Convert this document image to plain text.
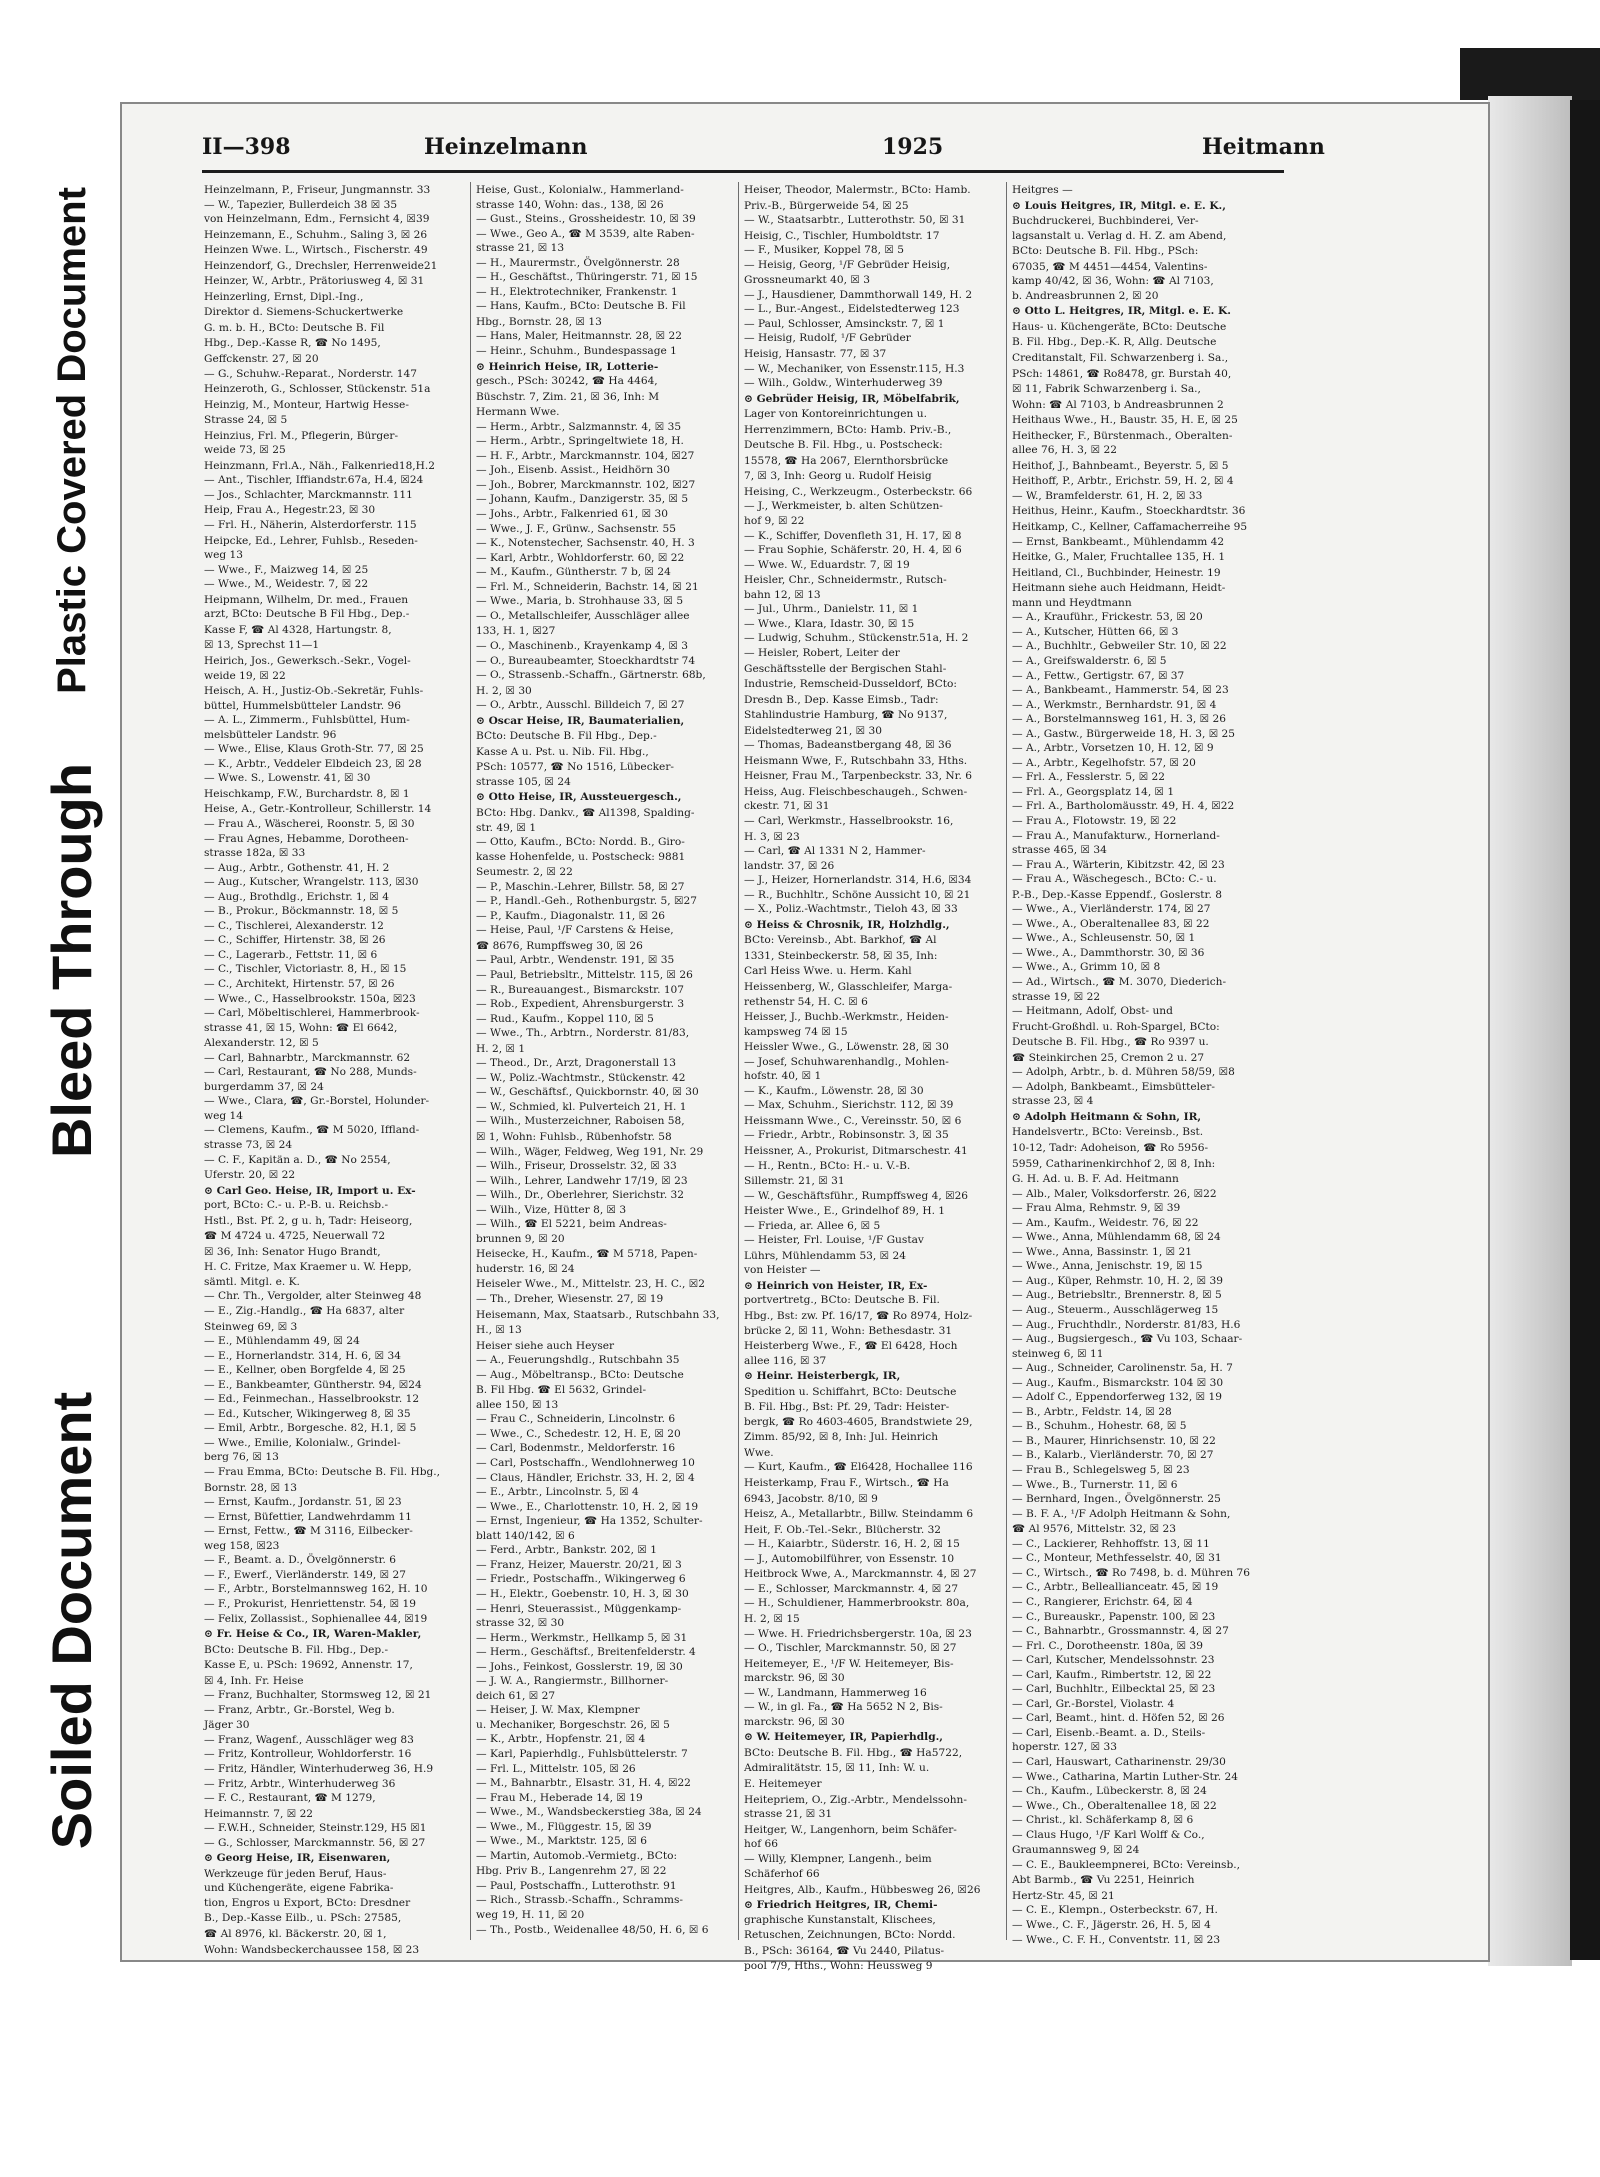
Plastic Covered Document
Bleed Through
Soiled Document
II—398	Heinzelmann	1925	Heitmann
Heinzelmann, P., Friseur, Jungmannstr. 33
— W., Tapezier, Bullerdeich 38 ☒ 35
von Heinzelmann, Edm., Fernsicht 4, ☒39
Heinzemann, E., Schuhm., Saling 3, ☒ 26
Heinzen Wwe. L., Wirtsch., Fischerstr. 49
Heinzendorf, G., Drechsler, Herrenweide21
Heinzer, W., Arbtr., Prätoriusweg 4, ☒ 31
Heinzerling, Ernst, Dipl.-Ing.,
Direktor d. Siemens-Schuckertwerke
G. m. b. H., BCto: Deutsche B. Fil
Hbg., Dep.-Kasse R, ☎ No 1495,
Geffckenstr. 27, ☒ 20
— G., Schuhw.-Reparat., Norderstr. 147
Heinzeroth, G., Schlosser, Stückenstr. 51a
Heinzig, M., Monteur, Hartwig Hesse-
Strasse 24, ☒ 5
Heinzius, Frl. M., Pflegerin, Bürger-
weide 73, ☒ 25
Heinzmann, Frl.A., Näh., Falkenried18,H.2
— Ant., Tischler, Iffiandstr.67a, H.4, ☒24
— Jos., Schlachter, Marckmannstr. 111
Heip, Frau A., Hegestr.23, ☒ 30
— Frl. H., Näherin, Alsterdorferstr. 115
Heipcke, Ed., Lehrer, Fuhlsb., Reseden-
weg 13
— Wwe., F., Maizweg 14, ☒ 25
— Wwe., M., Weidestr. 7, ☒ 22
Heipmann, Wilhelm, Dr. med., Frauen
arzt, BCto: Deutsche B Fil Hbg., Dep.-
Kasse F, ☎ Al 4328, Hartungstr. 8,
☒ 13, Sprechst 11—1
Heirich, Jos., Gewerksch.-Sekr., Vogel-
weide 19, ☒ 22
Heisch, A. H., Justiz-Ob.-Sekretär, Fuhls-
büttel, Hummelsbütteler Landstr. 96
— A. L., Zimmerm., Fuhlsbüttel, Hum-
melsbütteler Landstr. 96
— Wwe., Elise, Klaus Groth-Str. 77, ☒ 25
— K., Arbtr., Veddeler Elbdeich 23, ☒ 28
— Wwe. S., Lowenstr. 41, ☒ 30
Heischkamp, F.W., Burchardstr. 8, ☒ 1
Heise, A., Getr.-Kontrolleur, Schillerstr. 14
— Frau A., Wäscherei, Roonstr. 5, ☒ 30
— Frau Agnes, Hebamme, Dorotheen-
strasse 182a, ☒ 33
— Aug., Arbtr., Gothenstr. 41, H. 2
— Aug., Kutscher, Wrangelstr. 113, ☒30
— Aug., Brothdlg., Erichstr. 1, ☒ 4
— B., Prokur., Böckmannstr. 18, ☒ 5
— C., Tischlerei, Alexanderstr. 12
— C., Schiffer, Hirtenstr. 38, ☒ 26
— C., Lagerarb., Fettstr. 11, ☒ 6
— C., Tischler, Victoriastr. 8, H., ☒ 15
— C., Architekt, Hirtenstr. 57, ☒ 26
— Wwe., C., Hasselbrookstr. 150a, ☒23
— Carl, Möbeltischlerei, Hammerbrook-
strasse 41, ☒ 15, Wohn: ☎ El 6642,
Alexanderstr. 12, ☒ 5
— Carl, Bahnarbtr., Marckmannstr. 62
— Carl, Restaurant, ☎ No 288, Munds-
burgerdamm 37, ☒ 24
— Wwe., Clara, ☎, Gr.-Borstel, Holunder-
weg 14
— Clemens, Kaufm., ☎ M 5020, Iffland-
strasse 73, ☒ 24
— C. F., Kapitän a. D., ☎ No 2554,
Uferstr. 20, ☒ 22
⊙ Carl Geo. Heise, IR, Import u. Ex-
port, BCto: C.- u. P.-B. u. Reichsb.-
Hstl., Bst. Pf. 2, g u. h, Tadr: Heiseorg,
☎ M 4724 u. 4725, Neuerwall 72
☒ 36, Inh: Senator Hugo Brandt,
H. C. Fritze, Max Kraemer u. W. Hepp,
sämtl. Mitgl. e. K.
— Chr. Th., Vergolder, alter Steinweg 48
— E., Zig.-Handlg., ☎ Ha 6837, alter
Steinweg 69, ☒ 3
— E., Mühlendamm 49, ☒ 24
— E., Hornerlandstr. 314, H. 6, ☒ 34
— E., Kellner, oben Borgfelde 4, ☒ 25
— E., Bankbeamter, Güntherstr. 94, ☒24
— Ed., Feinmechan., Hasselbrookstr. 12
— Ed., Kutscher, Wikingerweg 8, ☒ 35
— Emil, Arbtr., Borgesche. 82, H.1, ☒ 5
— Wwe., Emilie, Kolonialw., Grindel-
berg 76, ☒ 13
— Frau Emma, BCto: Deutsche B. Fil. Hbg.,
Bornstr. 28, ☒ 13
— Ernst, Kaufm., Jordanstr. 51, ☒ 23
— Ernst, Büfettier, Landwehrdamm 11
— Ernst, Fettw., ☎ M 3116, Eilbecker-
weg 158, ☒23
— F., Beamt. a. D., Övelgönnerstr. 6
— F., Ewerf., Vierländerstr. 149, ☒ 27
— F., Arbtr., Borstelmannsweg 162, H. 10
— F., Prokurist, Henriettenstr. 54, ☒ 19
— Felix, Zollassist., Sophienallee 44, ☒19
⊙ Fr. Heise & Co., IR, Waren-Makler,
BCto: Deutsche B. Fil. Hbg., Dep.-
Kasse E, u. PSch: 19692, Annenstr. 17,
☒ 4, Inh. Fr. Heise
— Franz, Buchhalter, Stormsweg 12, ☒ 21
— Franz, Arbtr., Gr.-Borstel, Weg b.
Jäger 30
— Franz, Wagenf., Ausschläger weg 83
— Fritz, Kontrolleur, Wohldorferstr. 16
— Fritz, Händler, Winterhuderweg 36, H.9
— Fritz, Arbtr., Winterhuderweg 36
— F. C., Restaurant, ☎ M 1279,
Heimannstr. 7, ☒ 22
— F.W.H., Schneider, Steinstr.129, H5 ☒1
— G., Schlosser, Marckmannstr. 56, ☒ 27
⊙ Georg Heise, IR, Eisenwaren,
Werkzeuge für jeden Beruf, Haus-
und Küchengeräte, eigene Fabrika-
tion, Engros u Export, BCto: Dresdner
B., Dep.-Kasse Eilb., u. PSch: 27585,
☎ Al 8976, kl. Bäckerstr. 20, ☒ 1,
Wohn: Wandsbeckerchaussee 158, ☒ 23
Heise, Gust., Kolonialw., Hammerland-
strasse 140, Wohn: das., 138, ☒ 26
— Gust., Steins., Grossheidestr. 10, ☒ 39
— Wwe., Geo A., ☎ M 3539, alte Raben-
strasse 21, ☒ 13
— H., Maurermstr., Övelgönnerstr. 28
— H., Geschäftst., Thüringerstr. 71, ☒ 15
— H., Elektrotechniker, Frankenstr. 1
— Hans, Kaufm., BCto: Deutsche B. Fil
Hbg., Bornstr. 28, ☒ 13
— Hans, Maler, Heitmannstr. 28, ☒ 22
— Heinr., Schuhm., Bundespassage 1
⊙ Heinrich Heise, IR, Lotterie-
gesch., PSch: 30242, ☎ Ha 4464,
Büschstr. 7, Zim. 21, ☒ 36, Inh: M
Hermann Wwe.
— Herm., Arbtr., Salzmannstr. 4, ☒ 35
— Herm., Arbtr., Springeltwiete 18, H.
— H. F., Arbtr., Marckmannstr. 104, ☒27
— Joh., Eisenb. Assist., Heidhörn 30
— Joh., Bobrer, Marckmannstr. 102, ☒27
— Johann, Kaufm., Danzigerstr. 35, ☒ 5
— Johs., Arbtr., Falkenried 61, ☒ 30
— Wwe., J. F., Grünw., Sachsenstr. 55
— K., Notenstecher, Sachsenstr. 40, H. 3
— Karl, Arbtr., Wohldorferstr. 60, ☒ 22
— M., Kaufm., Güntherstr. 7 b, ☒ 24
— Frl. M., Schneiderin, Bachstr. 14, ☒ 21
— Wwe., Maria, b. Strohhause 33, ☒ 5
— O., Metallschleifer, Ausschläger allee
133, H. 1, ☒27
— O., Maschinenb., Krayenkamp 4, ☒ 3
— O., Bureaubeamter, Stoeckhardtstr 74
— O., Strassenb.-Schaffn., Gärtnerstr. 68b,
H. 2, ☒ 30
— O., Arbtr., Ausschl. Billdeich 7, ☒ 27
⊙ Oscar Heise, IR, Baumaterialien,
BCto: Deutsche B. Fil Hbg., Dep.-
Kasse A u. Pst. u. Nib. Fil. Hbg.,
PSch: 10577, ☎ No 1516, Lübecker-
strasse 105, ☒ 24
⊙ Otto Heise, IR, Aussteuergesch.,
BCto: Hbg. Dankv., ☎ Al1398, Spalding-
str. 49, ☒ 1
— Otto, Kaufm., BCto: Nordd. B., Giro-
kasse Hohenfelde, u. Postscheck: 9881
Seumestr. 2, ☒ 22
— P., Maschin.-Lehrer, Billstr. 58, ☒ 27
— P., Handl.-Geh., Rothenburgstr. 5, ☒27
— P., Kaufm., Diagonalstr. 11, ☒ 26
— Heise, Paul, ¹/F Carstens & Heise,
☎ 8676, Rumpffsweg 30, ☒ 26
— Paul, Arbtr., Wendenstr. 191, ☒ 35
— Paul, Betriebsltr., Mittelstr. 115, ☒ 26
— R., Bureauangest., Bismarckstr. 107
— Rob., Expedient, Ahrensburgerstr. 3
— Rud., Kaufm., Koppel 110, ☒ 5
— Wwe., Th., Arbtrn., Norderstr. 81/83,
H. 2, ☒ 1
— Theod., Dr., Arzt, Dragonerstall 13
— W., Poliz.-Wachtmstr., Stückenstr. 42
— W., Geschäftsf., Quickbornstr. 40, ☒ 30
— W., Schmied, kl. Pulverteich 21, H. 1
— Wilh., Musterzeichner, Raboisen 58,
☒ 1, Wohn: Fuhlsb., Rübenhofstr. 58
— Wilh., Wäger, Feldweg, Weg 191, Nr. 29
— Wilh., Friseur, Drosselstr. 32, ☒ 33
— Wilh., Lehrer, Landwehr 17/19, ☒ 23
— Wilh., Dr., Oberlehrer, Sierichstr. 32
— Wilh., Vize, Hütter 8, ☒ 3
— Wilh., ☎ El 5221, beim Andreas-
brunnen 9, ☒ 20
Heisecke, H., Kaufm., ☎ M 5718, Papen-
huderstr. 16, ☒ 24
Heiseler Wwe., M., Mittelstr. 23, H. C., ☒2
— Th., Dreher, Wiesenstr. 27, ☒ 19
Heisemann, Max, Staatsarb., Rutschbahn 33,
H., ☒ 13
Heiser siehe auch Heyser
— A., Feuerungshdlg., Rutschbahn 35
— Aug., Möbeltransp., BCto: Deutsche
B. Fil Hbg. ☎ El 5632, Grindel-
allee 150, ☒ 13
— Frau C., Schneiderin, Lincolnstr. 6
— Wwe., C., Schedestr. 12, H. E, ☒ 20
— Carl, Bodenmstr., Meldorferstr. 16
— Carl, Postschaffn., Wendlohnerweg 10
— Claus, Händler, Erichstr. 33, H. 2, ☒ 4
— E., Arbtr., Lincolnstr. 5, ☒ 4
— Wwe., E., Charlottenstr. 10, H. 2, ☒ 19
— Ernst, Ingenieur, ☎ Ha 1352, Schulter-
blatt 140/142, ☒ 6
— Ferd., Arbtr., Bankstr. 202, ☒ 1
— Franz, Heizer, Mauerstr. 20/21, ☒ 3
— Friedr., Postschaffn., Wikingerweg 6
— H., Elektr., Goebenstr. 10, H. 3, ☒ 30
— Henri, Steuerassist., Müggenkamp-
strasse 32, ☒ 30
— Herm., Werkmstr., Hellkamp 5, ☒ 31
— Herm., Geschäftsf., Breitenfelderstr. 4
— Johs., Feinkost, Gosslerstr. 19, ☒ 30
— J. W. A., Rangiermstr., Billhorner-
deich 61, ☒ 27
— Heiser, J. W. Max, Klempner
u. Mechaniker, Borgeschstr. 26, ☒ 5
— K., Arbtr., Hopfenstr. 21, ☒ 4
— Karl, Papierhdlg., Fuhlsbüttelerstr. 7
— Frl. L., Mittelstr. 105, ☒ 26
— M., Bahnarbtr., Elsastr. 31, H. 4, ☒22
— Frau M., Heberade 14, ☒ 19
— Wwe., M., Wandsbeckerstieg 38a, ☒ 24
— Wwe., M., Flüggestr. 15, ☒ 39
— Wwe., M., Marktstr. 125, ☒ 6
— Martin, Automob.-Vermietg., BCto:
Hbg. Priv B., Langenrehm 27, ☒ 22
— Paul, Postschaffn., Lutterothstr. 91
— Rich., Strassb.-Schaffn., Schramms-
weg 19, H. 11, ☒ 20
— Th., Postb., Weidenallee 48/50, H. 6, ☒ 6
Heiser, Theodor, Malermstr., BCto: Hamb.
Priv.-B., Bürgerweide 54, ☒ 25
— W., Staatsarbtr., Lutterothstr. 50, ☒ 31
Heisig, C., Tischler, Humboldtstr. 17
— F., Musiker, Koppel 78, ☒ 5
— Heisig, Georg, ¹/F Gebrüder Heisig,
Grossneumarkt 40, ☒ 3
— J., Hausdiener, Dammthorwall 149, H. 2
— L., Bur.-Angest., Eidelstedterweg 123
— Paul, Schlosser, Amsinckstr. 7, ☒ 1
— Heisig, Rudolf, ¹/F Gebrüder
Heisig, Hansastr. 77, ☒ 37
— W., Mechaniker, von Essenstr.115, H.3
— Wilh., Goldw., Winterhuderweg 39
⊙ Gebrüder Heisig, IR, Möbelfabrik,
Lager von Kontoreinrichtungen u.
Herrenzimmern, BCto: Hamb. Priv.-B.,
Deutsche B. Fil. Hbg., u. Postscheck:
15578, ☎ Ha 2067, Elernthorsbrücke
7, ☒ 3, Inh: Georg u. Rudolf Heisig
Heising, C., Werkzeugm., Osterbeckstr. 66
— J., Werkmeister, b. alten Schützen-
hof 9, ☒ 22
— K., Schiffer, Dovenfleth 31, H. 17, ☒ 8
— Frau Sophie, Schäferstr. 20, H. 4, ☒ 6
— Wwe. W., Eduardstr. 7, ☒ 19
Heisler, Chr., Schneidermstr., Rutsch-
bahn 12, ☒ 13
— Jul., Uhrm., Danielstr. 11, ☒ 1
— Wwe., Klara, Idastr. 30, ☒ 15
— Ludwig, Schuhm., Stückenstr.51a, H. 2
— Heisler, Robert, Leiter der
Geschäftsstelle der Bergischen Stahl-
Industrie, Remscheid-Dusseldorf, BCto:
Dresdn B., Dep. Kasse Eimsb., Tadr:
Stahlindustrie Hamburg, ☎ No 9137,
Eidelstedterweg 21, ☒ 30
— Thomas, Badeanstbergang 48, ☒ 36
Heismann Wwe, F., Rutschbahn 33, Hths.
Heisner, Frau M., Tarpenbeckstr. 33, Nr. 6
Heiss, Aug. Fleischbeschaugeh., Schwen-
ckestr. 71, ☒ 31
— Carl, Werkmstr., Hasselbrookstr. 16,
H. 3, ☒ 23
— Carl, ☎ Al 1331 N 2, Hammer-
landstr. 37, ☒ 26
— J., Heizer, Hornerlandstr. 314, H.6, ☒34
— R., Buchhltr., Schöne Aussicht 10, ☒ 21
— X., Poliz.-Wachtmstr., Tieloh 43, ☒ 33
⊙ Heiss & Chrosnik, IR, Holzhdlg.,
BCto: Vereinsb., Abt. Barkhof, ☎ Al
1331, Steinbeckerstr. 58, ☒ 35, Inh:
Carl Heiss Wwe. u. Herm. Kahl
Heissenberg, W., Glasschleifer, Marga-
rethenstr 54, H. C. ☒ 6
Heisser, J., Buchb.-Werkmstr., Heiden-
kampsweg 74 ☒ 15
Heissler Wwe., G., Löwenstr. 28, ☒ 30
— Josef, Schuhwarenhandlg., Mohlen-
hofstr. 40, ☒ 1
— K., Kaufm., Löwenstr. 28, ☒ 30
— Max, Schuhm., Sierichstr. 112, ☒ 39
Heissmann Wwe., C., Vereinsstr. 50, ☒ 6
— Friedr., Arbtr., Robinsonstr. 3, ☒ 35
Heissner, A., Prokurist, Ditmarschestr. 41
— H., Rentn., BCto: H.- u. V.-B.
Sillemstr. 21, ☒ 31
— W., Geschäftsführ., Rumpffsweg 4, ☒26
Heister Wwe., E., Grindelhof 89, H. 1
— Frieda, ar. Allee 6, ☒ 5
— Heister, Frl. Louise, ¹/F Gustav
Lührs, Mühlendamm 53, ☒ 24
von Heister —
⊙ Heinrich von Heister, IR, Ex-
portvertretg., BCto: Deutsche B. Fil.
Hbg., Bst: zw. Pf. 16/17, ☎ Ro 8974, Holz-
brücke 2, ☒ 11, Wohn: Bethesdastr. 31
Heisterberg Wwe., F., ☎ El 6428, Hoch
allee 116, ☒ 37
⊙ Heinr. Heisterbergk, IR,
Spedition u. Schiffahrt, BCto: Deutsche
B. Fil. Hbg., Bst: Pf. 29, Tadr: Heister-
bergk, ☎ Ro 4603-4605, Brandstwiete 29,
Zimm. 85/92, ☒ 8, Inh: Jul. Heinrich
Wwe.
— Kurt, Kaufm., ☎ El6428, Hochallee 116
Heisterkamp, Frau F., Wirtsch., ☎ Ha
6943, Jacobstr. 8/10, ☒ 9
Heisz, A., Metallarbtr., Billw. Steindamm 6
Heit, F. Ob.-Tel.-Sekr., Blücherstr. 32
— H., Kaiarbtr., Süderstr. 16, H. 2, ☒ 15
— J., Automobilführer, von Essenstr. 10
Heitbrock Wwe, A., Marckmannstr. 4, ☒ 27
— E., Schlosser, Marckmannstr. 4, ☒ 27
— H., Schuldiener, Hammerbrookstr. 80a,
H. 2, ☒ 15
— Wwe. H. Friedrichsbergerstr. 10a, ☒ 23
— O., Tischler, Marckmannstr. 50, ☒ 27
Heitemeyer, E., ¹/F W. Heitemeyer, Bis-
marckstr. 96, ☒ 30
— W., Landmann, Hammerweg 16
— W., in gl. Fa., ☎ Ha 5652 N 2, Bis-
marckstr. 96, ☒ 30
⊙ W. Heitemeyer, IR, Papierhdlg.,
BCto: Deutsche B. Fil. Hbg., ☎ Ha5722,
Admiralitätstr. 15, ☒ 11, Inh: W. u.
E. Heitemeyer
Heitepriem, O., Zig.-Arbtr., Mendelssohn-
strasse 21, ☒ 31
Heitger, W., Langenhorn, beim Schäfer-
hof 66
— Willy, Klempner, Langenh., beim
Schäferhof 66
Heitgres, Alb., Kaufm., Hübbesweg 26, ☒26
⊙ Friedrich Heitgres, IR, Chemi-
graphische Kunstanstalt, Klischees,
Retuschen, Zeichnungen, BCto: Nordd.
B., PSch: 36164, ☎ Vu 2440, Pilatus-
pool 7/9, Hths., Wohn: Heussweg 9
Heitgres —
⊙ Louis Heitgres, IR, Mitgl. e. E. K.,
Buchdruckerei, Buchbinderei, Ver-
lagsanstalt u. Verlag d. H. Z. am Abend,
BCto: Deutsche B. Fil. Hbg., PSch:
67035, ☎ M 4451—4454, Valentins-
kamp 40/42, ☒ 36, Wohn: ☎ Al 7103,
b. Andreasbrunnen 2, ☒ 20
⊙ Otto L. Heitgres, IR, Mitgl. e. E. K.
Haus- u. Küchengeräte, BCto: Deutsche
B. Fil. Hbg., Dep.-K. R, Allg. Deutsche
Creditanstalt, Fil. Schwarzenberg i. Sa.,
PSch: 14861, ☎ Ro8478, gr. Burstah 40,
☒ 11, Fabrik Schwarzenberg i. Sa.,
Wohn: ☎ Al 7103, b Andreasbrunnen 2
Heithaus Wwe., H., Baustr. 35, H. E, ☒ 25
Heithecker, F., Bürstenmach., Oberalten-
allee 76, H. 3, ☒ 22
Heithof, J., Bahnbeamt., Beyerstr. 5, ☒ 5
Heithoff, P., Arbtr., Erichstr. 59, H. 2, ☒ 4
— W., Bramfelderstr. 61, H. 2, ☒ 33
Heithus, Heinr., Kaufm., Stoeckhardtstr. 36
Heitkamp, C., Kellner, Caffamacherreihe 95
— Ernst, Bankbeamt., Mühlendamm 42
Heitke, G., Maler, Fruchtallee 135, H. 1
Heitland, Cl., Buchbinder, Heinestr. 19
Heitmann siehe auch Heidmann, Heidt-
mann und Heydtmann
— A., Krauführ., Frickestr. 53, ☒ 20
— A., Kutscher, Hütten 66, ☒ 3
— A., Buchhltr., Gebweiler Str. 10, ☒ 22
— A., Greifswalderstr. 6, ☒ 5
— A., Fettw., Gertigstr. 67, ☒ 37
— A., Bankbeamt., Hammerstr. 54, ☒ 23
— A., Werkmstr., Bernhardstr. 91, ☒ 4
— A., Borstelmannsweg 161, H. 3, ☒ 26
— A., Gastw., Bürgerweide 18, H. 3, ☒ 25
— A., Arbtr., Vorsetzen 10, H. 12, ☒ 9
— A., Arbtr., Kegelhofstr. 57, ☒ 20
— Frl. A., Fesslerstr. 5, ☒ 22
— Frl. A., Georgsplatz 14, ☒ 1
— Frl. A., Bartholomäusstr. 49, H. 4, ☒22
— Frau A., Flotowstr. 19, ☒ 22
— Frau A., Manufakturw., Hornerland-
strasse 465, ☒ 34
— Frau A., Wärterin, Kibitzstr. 42, ☒ 23
— Frau A., Wäschegesch., BCto: C.- u.
P.-B., Dep.-Kasse Eppendf., Goslerstr. 8
— Wwe., A., Vierländerstr. 174, ☒ 27
— Wwe., A., Oberaltenallee 83, ☒ 22
— Wwe., A., Schleusenstr. 50, ☒ 1
— Wwe., A., Dammthorstr. 30, ☒ 36
— Wwe., A., Grimm 10, ☒ 8
— Ad., Wirtsch., ☎ M. 3070, Diederich-
strasse 19, ☒ 22
— Heitmann, Adolf, Obst- und
Frucht-Großhdl. u. Roh-Spargel, BCto:
Deutsche B. Fil. Hbg., ☎ Ro 9397 u.
☎ Steinkirchen 25, Cremon 2 u. 27
— Adolph, Arbtr., b. d. Mühren 58/59, ☒8
— Adolph, Bankbeamt., Eimsbütteler-
strasse 23, ☒ 4
⊙ Adolph Heitmann & Sohn, IR,
Handelsvertr., BCto: Vereinsb., Bst.
10-12, Tadr: Adoheison, ☎ Ro 5956-
5959, Catharinenkirchhof 2, ☒ 8, Inh:
G. H. Ad. u. B. F. Ad. Heitmann
— Alb., Maler, Volksdorferstr. 26, ☒22
— Frau Alma, Rehmstr. 9, ☒ 39
— Am., Kaufm., Weidestr. 76, ☒ 22
— Wwe., Anna, Mühlendamm 68, ☒ 24
— Wwe., Anna, Bassinstr. 1, ☒ 21
— Wwe., Anna, Jenischstr. 19, ☒ 15
— Aug., Küper, Rehmstr. 10, H. 2, ☒ 39
— Aug., Betriebsltr., Brennerstr. 8, ☒ 5
— Aug., Steuerm., Ausschlägerweg 15
— Aug., Fruchthdlr., Norderstr. 81/83, H.6
— Aug., Bugsiergesch., ☎ Vu 103, Schaar-
steinweg 6, ☒ 11
— Aug., Schneider, Carolinenstr. 5a, H. 7
— Aug., Kaufm., Bismarckstr. 104 ☒ 30
— Adolf C., Eppendorferweg 132, ☒ 19
— B., Arbtr., Feldstr. 14, ☒ 28
— B., Schuhm., Hohestr. 68, ☒ 5
— B., Maurer, Hinrichsenstr. 10, ☒ 22
— B., Kalarb., Vierländerstr. 70, ☒ 27
— Frau B., Schlegelsweg 5, ☒ 23
— Wwe., B., Turnerstr. 11, ☒ 6
— Bernhard, Ingen., Övelgönnerstr. 25
— B. F. A., ¹/F Adolph Heitmann & Sohn,
☎ Al 9576, Mittelstr. 32, ☒ 23
— C., Lackierer, Rehhoffstr. 13, ☒ 11
— C., Monteur, Methfesselstr. 40, ☒ 31
— C., Wirtsch., ☎ Ro 7498, b. d. Mühren 76
— C., Arbtr., Belleallianceatr. 45, ☒ 19
— C., Rangierer, Erichstr. 64, ☒ 4
— C., Bureauskr., Papenstr. 100, ☒ 23
— C., Bahnarbtr., Grossmannstr. 4, ☒ 27
— Frl. C., Dorotheenstr. 180a, ☒ 39
— Carl, Kutscher, Mendelssohnstr. 23
— Carl, Kaufm., Rimbertstr. 12, ☒ 22
— Carl, Buchhltr., Eilbecktal 25, ☒ 23
— Carl, Gr.-Borstel, Violastr. 4
— Carl, Beamt., hint. d. Höfen 52, ☒ 26
— Carl, Eisenb.-Beamt. a. D., Steils-
hoperstr. 127, ☒ 33
— Carl, Hauswart, Catharinenstr. 29/30
— Wwe., Catharina, Martin Luther-Str. 24
— Ch., Kaufm., Lübeckerstr. 8, ☒ 24
— Wwe., Ch., Oberaltenallee 18, ☒ 22
— Christ., kl. Schäferkamp 8, ☒ 6
— Claus Hugo, ¹/F Karl Wolff & Co.,
Graumannsweg 9, ☒ 24
— C. E., Baukleempnerei, BCto: Vereinsb.,
Abt Barmb., ☎ Vu 2251, Heinrich
Hertz-Str. 45, ☒ 21
— C. E., Klempn., Osterbeckstr. 67, H.
— Wwe., C. F., Jägerstr. 26, H. 5, ☒ 4
— Wwe., C. F. H., Conventstr. 11, ☒ 23
